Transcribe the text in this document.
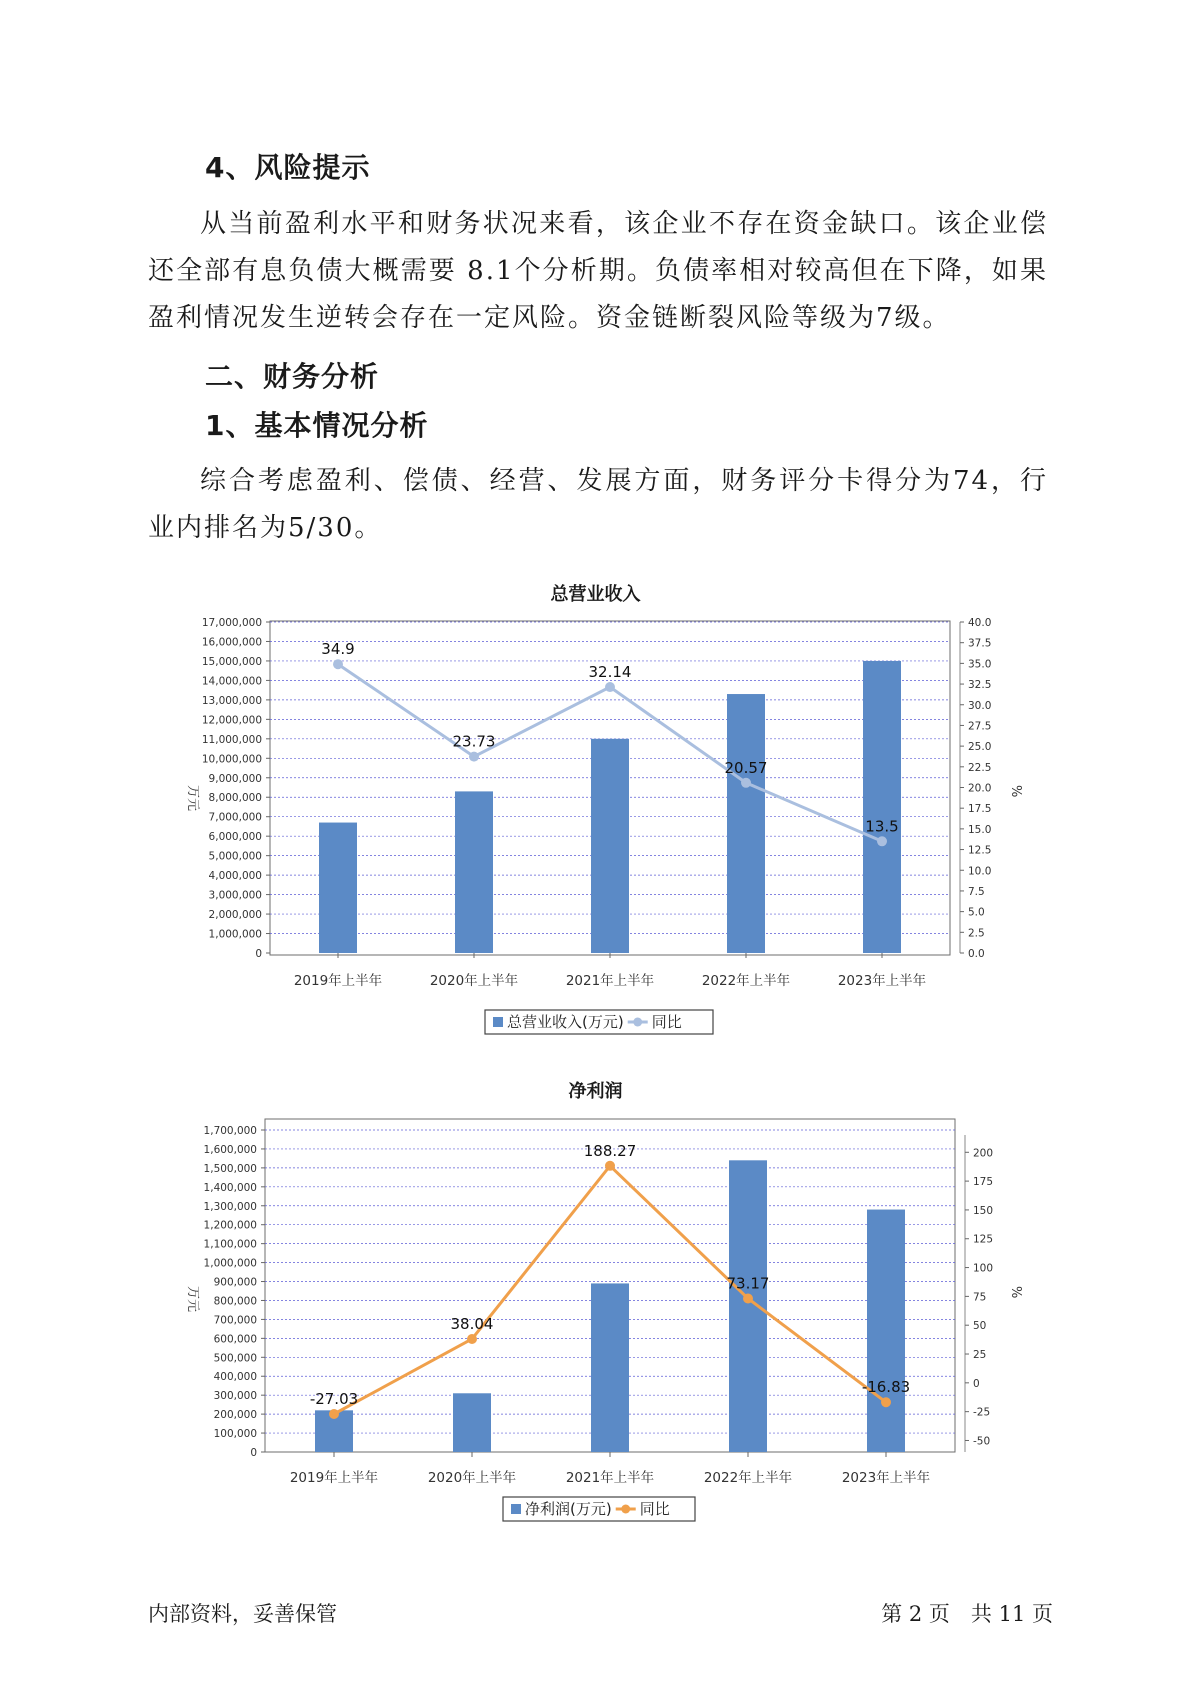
4、风险提示

从当前盈利水平和财务状况来看，该企业不存在资金缺口。该企业偿还全部有息负债大概需要 8.1个分析期。负债率相对较高但在下降，如果盈利情况发生逆转会存在一定风险。资金链断裂风险等级为7级。

二、财务分析
1、基本情况分析

综合考虑盈利、偿债、经营、发展方面，财务评分卡得分为74，行业内排名为5/30。

总营业收入
0
1,000,000
2,000,000
3,000,000
4,000,000
5,000,000
6,000,000
7,000,000
8,000,000
9,000,000
10,000,000
11,000,000
12,000,000
13,000,000
14,000,000
15,000,000
16,000,000
17,000,000
0.0
2.5
5.0
7.5
10.0
12.5
15.0
17.5
20.0
22.5
25.0
27.5
30.0
32.5
35.0
37.5
40.0
万元	%
2019年上半年	2020年上半年	2021年上半年	2022年上半年	2023年上半年
34.9
23.73
32.14
20.57
13.5
总营业收入(万元) 同比
净利润
0
100,000
200,000
300,000
400,000
500,000
600,000
700,000
800,000
900,000
1,000,000
1,100,000
1,200,000
1,300,000
1,400,000
1,500,000
1,600,000
1,700,000
-50
-25
0
25
50
75
100
125
150
175
200
万元	%
2019年上半年	2020年上半年	2021年上半年	2022年上半年	2023年上半年
-27.03
38.04
188.27
73.17
-16.83
净利润(万元) 同比
内部资料，妥善保管	第 2 页　共 11 页
